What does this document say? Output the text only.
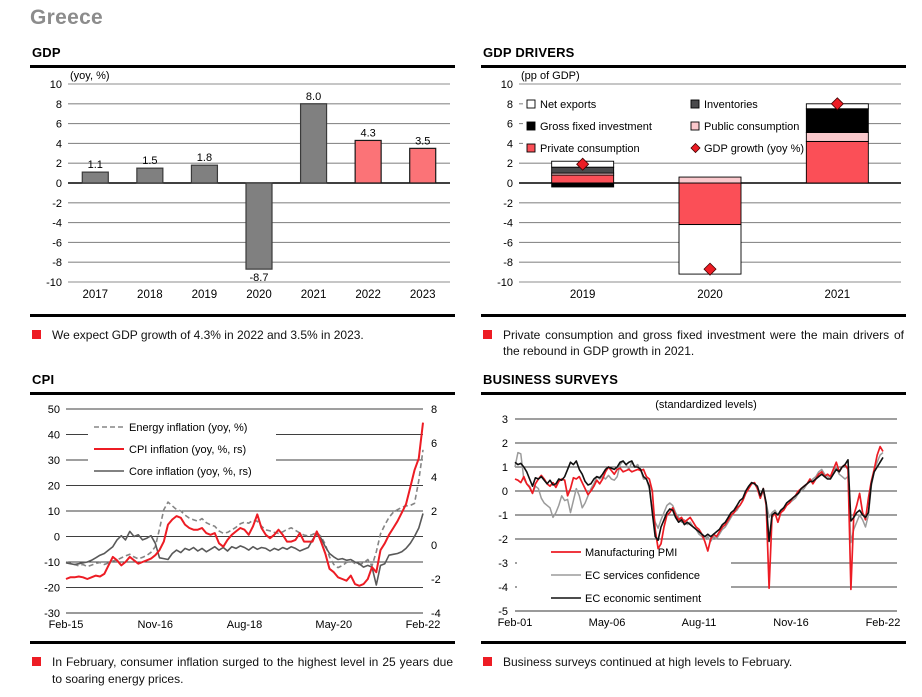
Greece
GDP
10
8
6
4
2
0
-2
-4
-6
-8
-10
(yoy, %)
1.1
2017
1.5
2018
1.8
2019
-8.7
2020
8.0
2021
4.3
2022
3.5
2023

We expect GDP growth of 4.3% in 2022 and 3.5% in 2023.

GDP DRIVERS
10
8
6
4
2
0
-2
-4
-6
-8
-10
(pp of GDP)
Net exports	Inventories
Gross fixed investment	Public consumption
Private consumption	GDP growth (yoy %)
2019	2020	2021

Private consumption and gross fixed investment were the main drivers of the rebound in GDP growth in 2021.

CPI
50
40
30
20
10
0
-10
-20
-30
8
6
4
2
0
-2
-4
Feb-15	Nov-16	Aug-18	May-20	Feb-22
Energy inflation (yoy, %)
CPI inflation (yoy, %, rs)
Core inflation (yoy, %, rs)

In February, consumer inflation surged to the highest level in 25 years due to soaring energy prices.

BUSINESS SURVEYS
3
2
1
0
-1
-2
-3
-4
-5
(standardized levels)
Feb-01	May-06	Aug-11	Nov-16	Feb-22
Manufacturing PMI
EC services confidence
EC economic sentiment

Business surveys continued at high levels to February.
